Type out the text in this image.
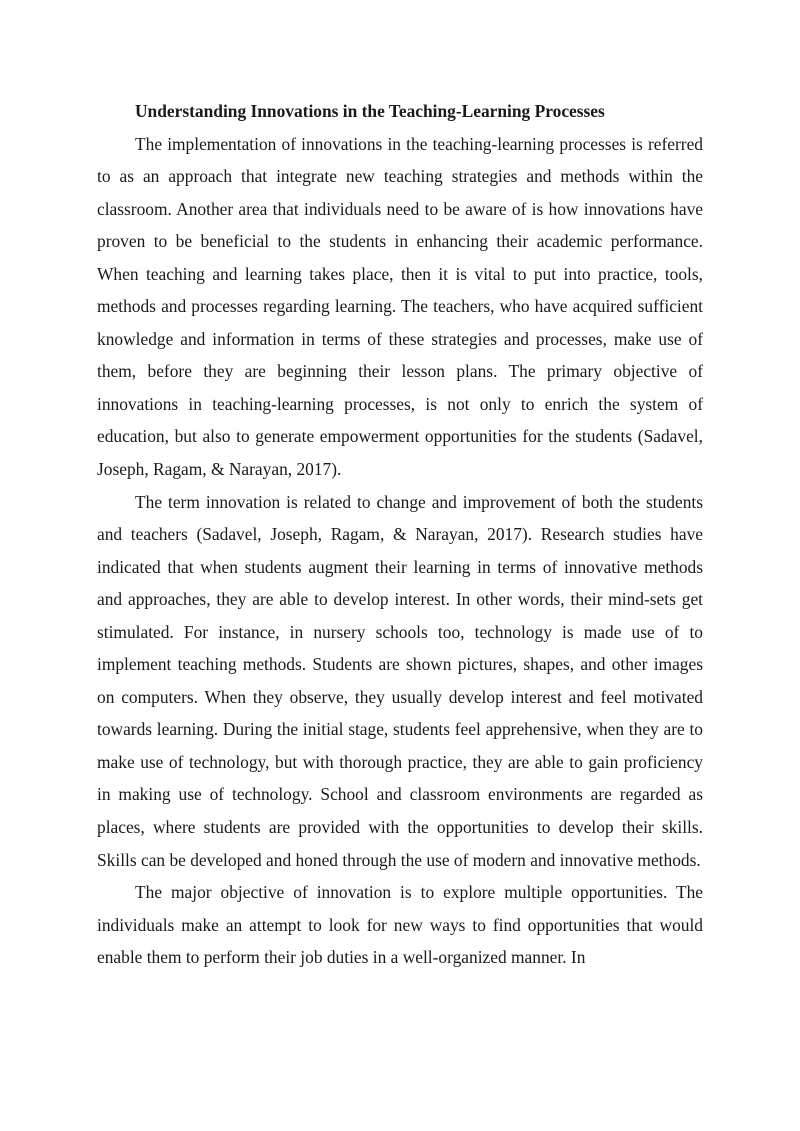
Understanding Innovations in the Teaching-Learning Processes

The implementation of innovations in the teaching-learning processes is referred to as an approach that integrate new teaching strategies and methods within the classroom. Another area that individuals need to be aware of is how innovations have proven to be beneficial to the students in enhancing their academic performance. When teaching and learning takes place, then it is vital to put into practice, tools, methods and processes regarding learning. The teachers, who have acquired sufficient knowledge and information in terms of these strategies and processes, make use of them, before they are beginning their lesson plans. The primary objective of innovations in teaching-learning processes, is not only to enrich the system of education, but also to generate empowerment opportunities for the students (Sadavel, Joseph, Ragam, & Narayan, 2017).

The term innovation is related to change and improvement of both the students and teachers (Sadavel, Joseph, Ragam, & Narayan, 2017). Research studies have indicated that when students augment their learning in terms of innovative methods and approaches, they are able to develop interest. In other words, their mind-sets get stimulated. For instance, in nursery schools too, technology is made use of to implement teaching methods. Students are shown pictures, shapes, and other images on computers. When they observe, they usually develop interest and feel motivated towards learning. During the initial stage, students feel apprehensive, when they are to make use of technology, but with thorough practice, they are able to gain proficiency in making use of technology. School and classroom environments are regarded as places, where students are provided with the opportunities to develop their skills. Skills can be developed and honed through the use of modern and innovative methods.

The major objective of innovation is to explore multiple opportunities. The individuals make an attempt to look for new ways to find opportunities that would enable them to perform their job duties in a well-organized manner. In
